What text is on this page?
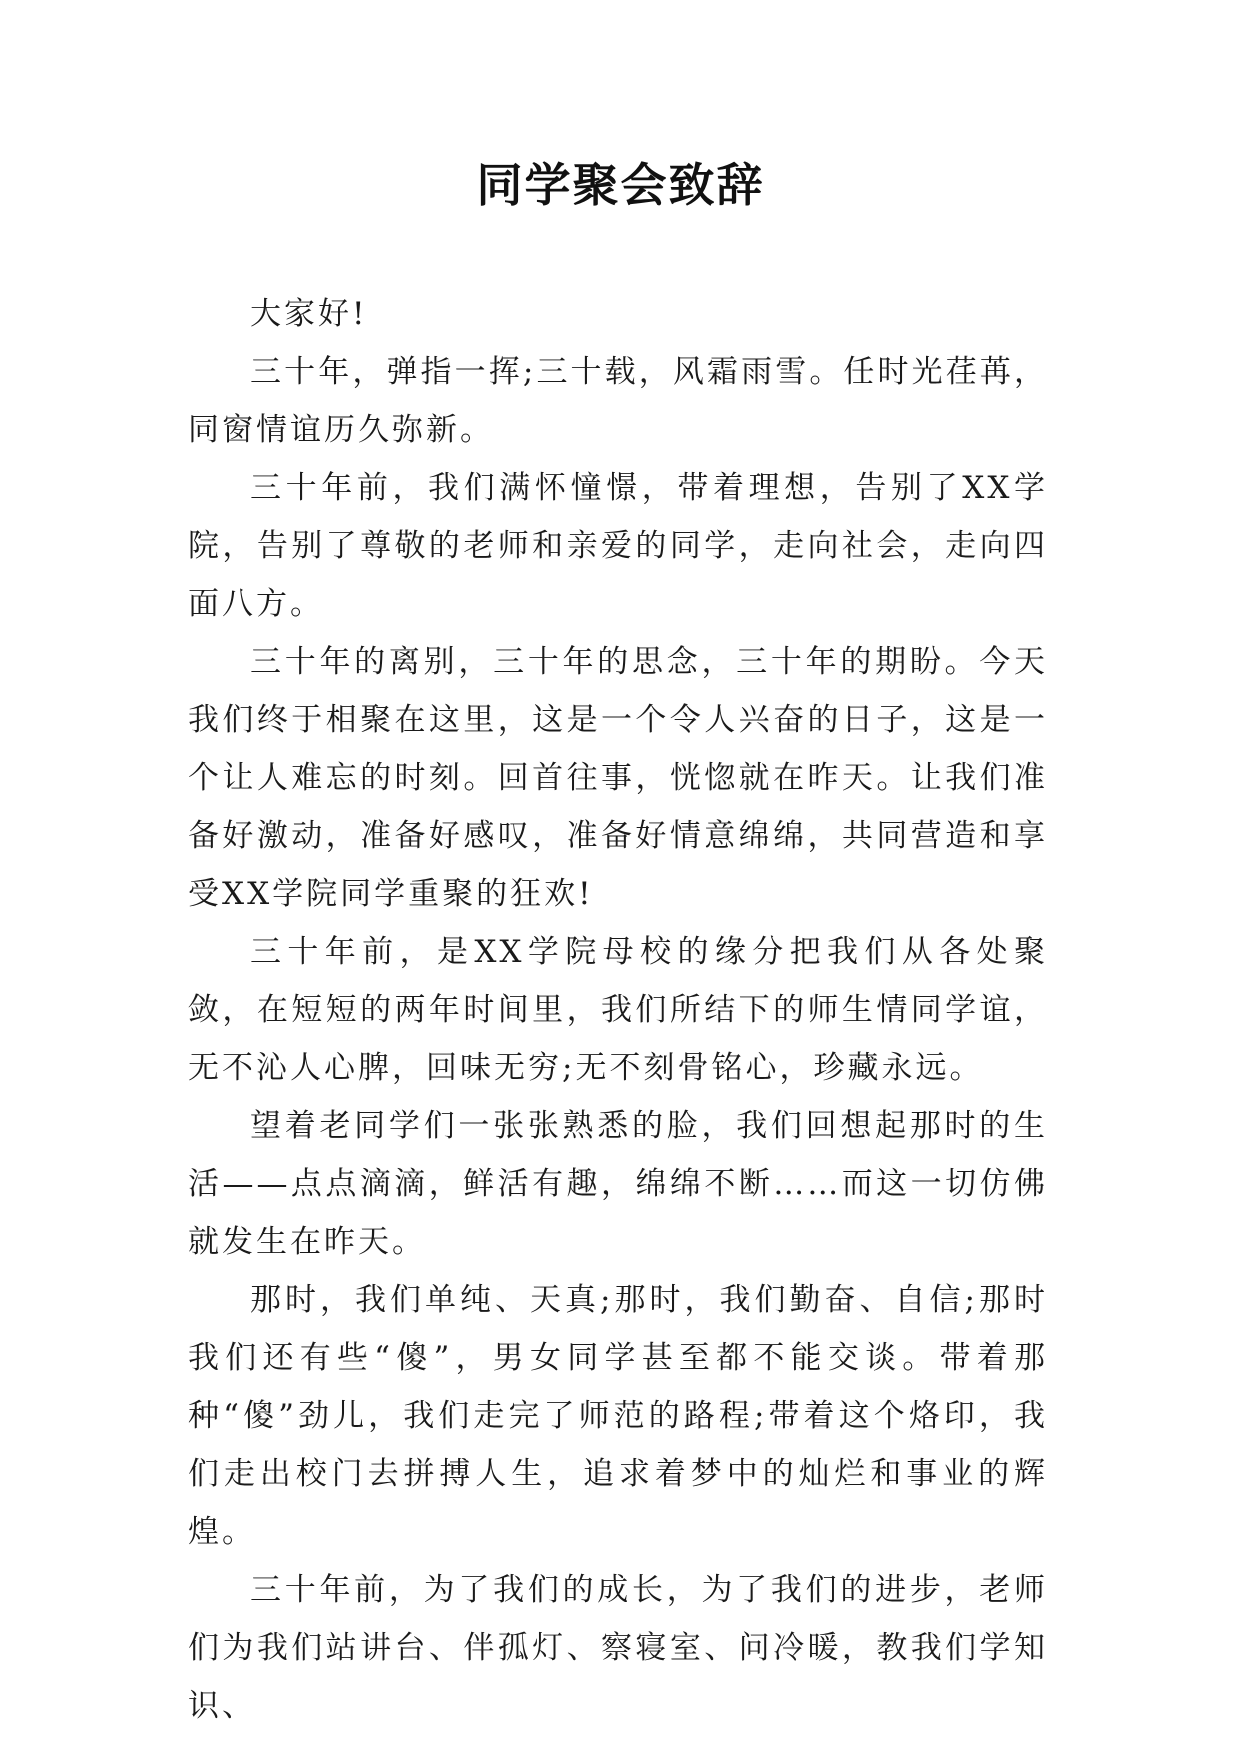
同学聚会致辞

大家好!

三十年，弹指一挥;三十载，风霜雨雪。任时光荏苒，同窗情谊历久弥新。

三十年前，我们满怀憧憬，带着理想，告别了XX学院，告别了尊敬的老师和亲爱的同学，走向社会，走向四面八方。

三十年的离别，三十年的思念，三十年的期盼。今天我们终于相聚在这里，这是一个令人兴奋的日子，这是一个让人难忘的时刻。回首往事，恍惚就在昨天。让我们准备好激动，准备好感叹，准备好情意绵绵，共同营造和享受XX学院同学重聚的狂欢!

三十年前，是XX学院母校的缘分把我们从各处聚敛，在短短的两年时间里，我们所结下的师生情同学谊，无不沁人心脾，回味无穷;无不刻骨铭心，珍藏永远。

望着老同学们一张张熟悉的脸，我们回想起那时的生活——点点滴滴，鲜活有趣，绵绵不断……而这一切仿佛就发生在昨天。

那时，我们单纯、天真;那时，我们勤奋、自信;那时我们还有些“傻”，男女同学甚至都不能交谈。带着那种“傻”劲儿，我们走完了师范的路程;带着这个烙印，我们走出校门去拼搏人生，追求着梦中的灿烂和事业的辉煌。

三十年前，为了我们的成长，为了我们的进步，老师们为我们站讲台、伴孤灯、察寝室、问冷暖，教我们学知识、
